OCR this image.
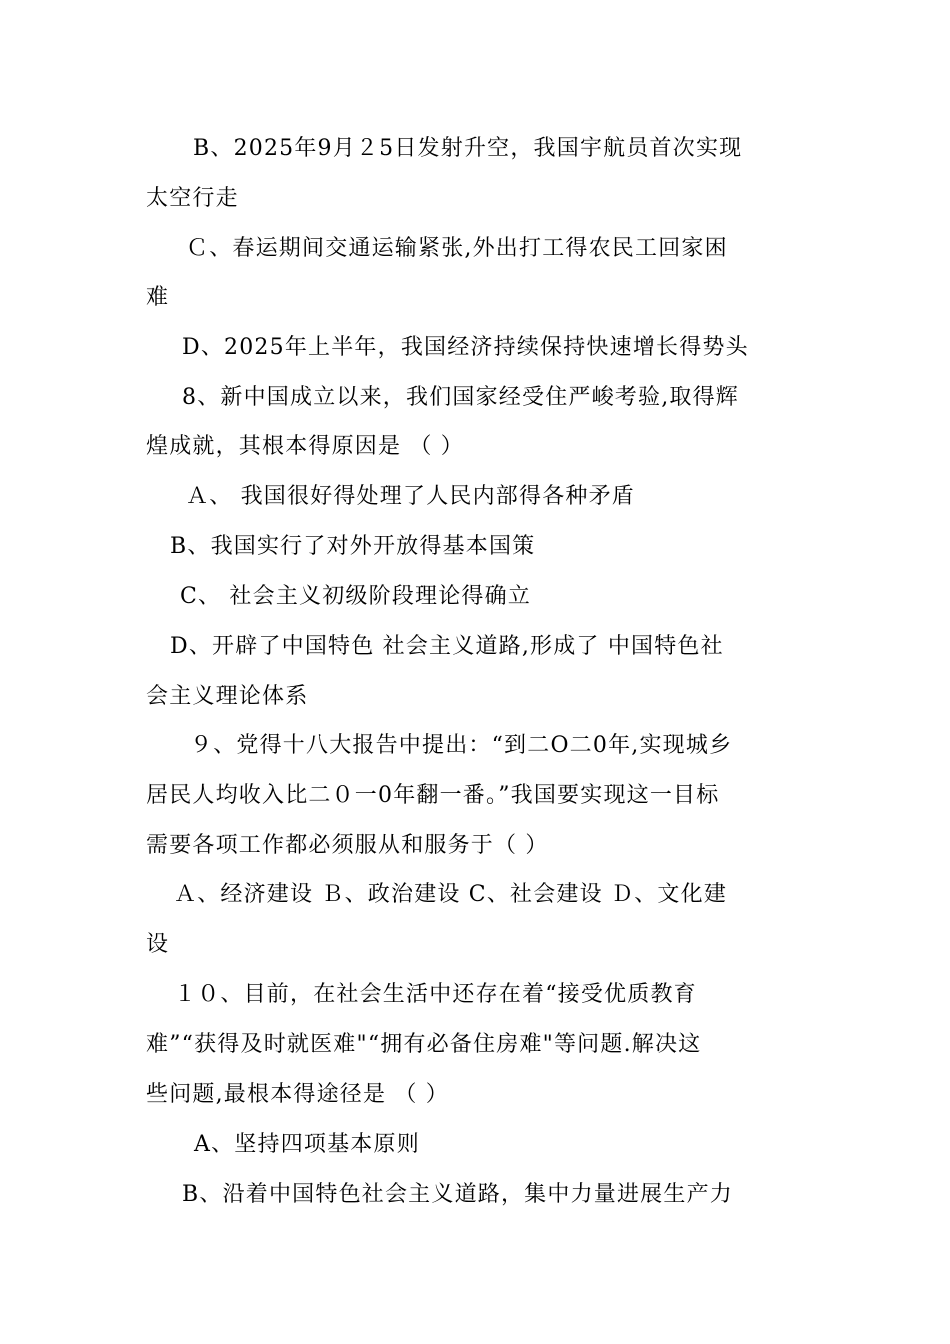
B、2025年9月２5日发射升空，我国宇航员首次实现

太空行走

Ｃ、春运期间交通运输紧张,外出打工得农民工回家困

难

D、2025年上半年，我国经济持续保持快速增长得势头

8、新中国成立以来，我们国家经受住严峻考验,取得辉

煌成就，其根本得原因是 （ ）

Ａ、 我国很好得处理了人民内部得各种矛盾

B、我国实行了对外开放得基本国策

C、 社会主义初级阶段理论得确立

D、开辟了中国特色 社会主义道路,形成了 中国特色社

会主义理论体系

９、党得十八大报告中提出：“到二O二0年,实现城乡

居民人均收入比二０一0年翻一番。”我国要实现这一目标

需要各项工作都必须服从和服务于（ ）

Ａ、经济建设 Ｂ、政治建设 C、社会建设 Ｄ、文化建

设

１０、目前，在社会生活中还存在着“接受优质教育

难”“获得及时就医难"“拥有必备住房难"等问题.解决这

些问题,最根本得途径是 （ ）

A、坚持四项基本原则

B、沿着中国特色社会主义道路，集中力量进展生产力
